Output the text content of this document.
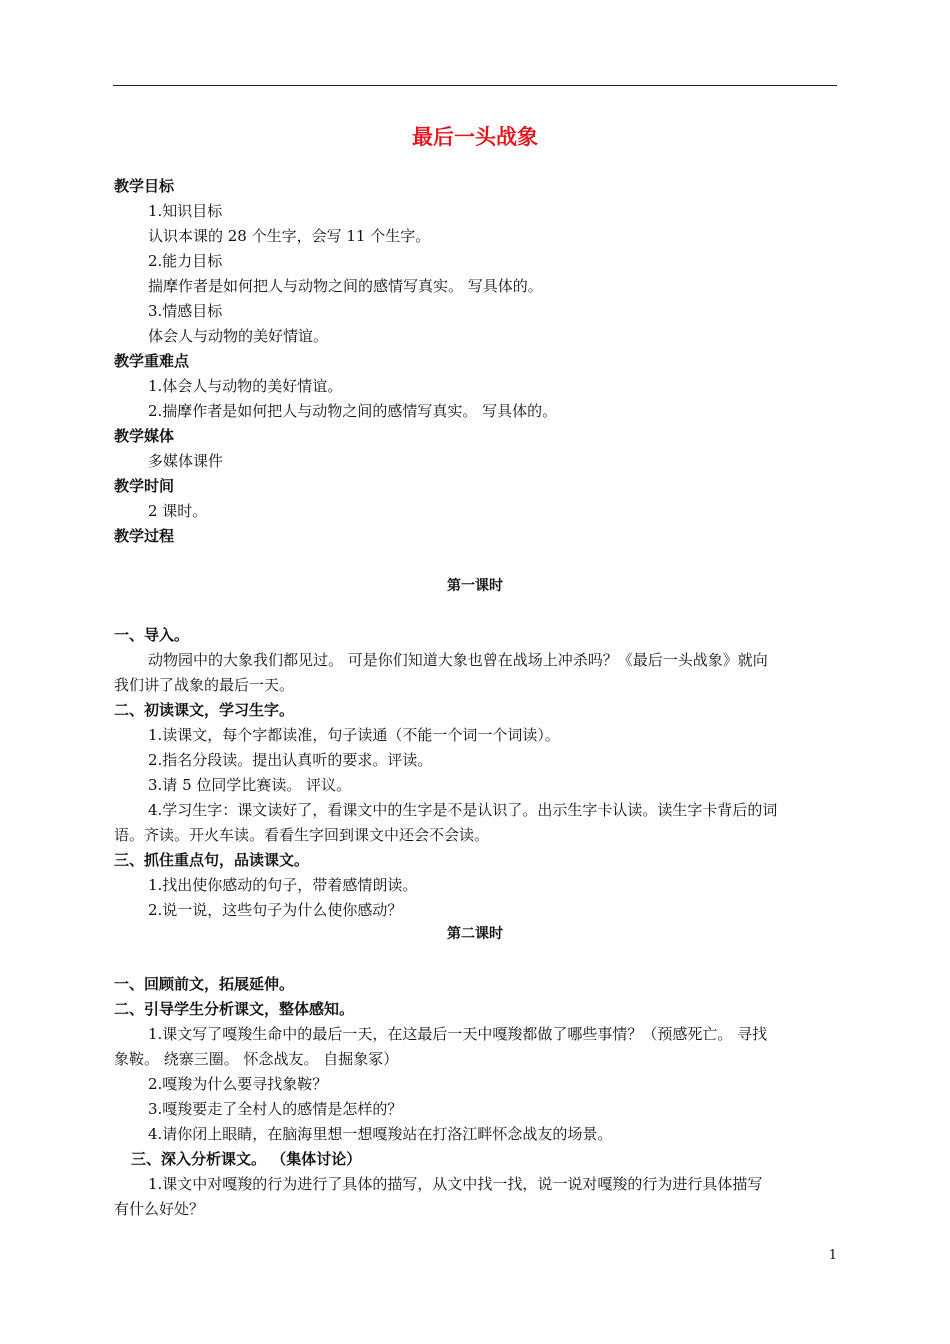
最后一头战象
教学目标
1.知识目标
认识本课的 28 个生字，会写 11 个生字。
2.能力目标
揣摩作者是如何把人与动物之间的感情写真实。 写具体的。
3.情感目标
体会人与动物的美好情谊。
教学重难点
1.体会人与动物的美好情谊。
2.揣摩作者是如何把人与动物之间的感情写真实。 写具体的。
教学媒体
多媒体课件
教学时间
2 课时。
教学过程
第一课时
一、导入。
动物园中的大象我们都见过。 可是你们知道大象也曾在战场上冲杀吗？《最后一头战象》就向
我们讲了战象的最后一天。
二、初读课文，学习生字。
1.读课文，每个字都读准，句子读通（不能一个词一个词读）。
2.指名分段读。提出认真听的要求。评读。
3.请 5 位同学比赛读。 评议。
4.学习生字：课文读好了，看课文中的生字是不是认识了。出示生字卡认读。读生字卡背后的词
语。齐读。开火车读。看看生字回到课文中还会不会读。
三、抓住重点句，品读课文。
1.找出使你感动的句子，带着感情朗读。
2.说一说，这些句子为什么使你感动？
第二课时
一、回顾前文，拓展延伸。
二、引导学生分析课文，整体感知。
1.课文写了嘎羧生命中的最后一天，在这最后一天中嘎羧都做了哪些事情？（预感死亡。 寻找
象鞍。 绕寨三圈。 怀念战友。 自掘象冢）
2.嘎羧为什么要寻找象鞍？
3.嘎羧要走了全村人的感情是怎样的？
4.请你闭上眼睛，在脑海里想一想嘎羧站在打洛江畔怀念战友的场景。
三、深入分析课文。 （集体讨论）
1.课文中对嘎羧的行为进行了具体的描写，从文中找一找，说一说对嘎羧的行为进行具体描写
有什么好处？
1
